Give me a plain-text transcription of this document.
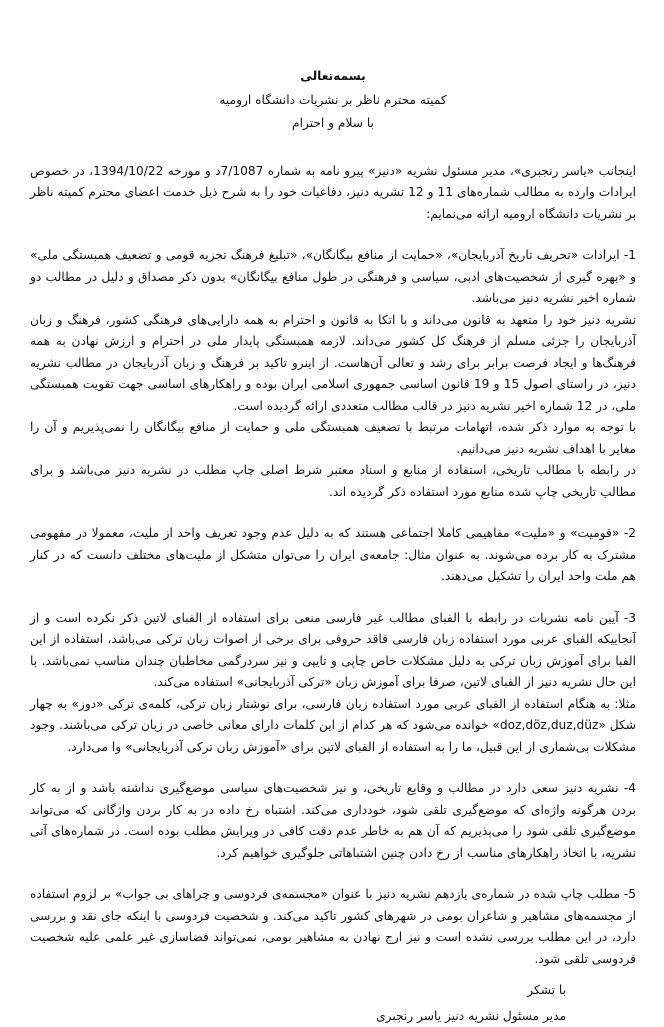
بسمه‌تعالی
کمیته محترم ناظر بر نشریات دانشگاه ارومیه
با سلام و احترام

اینجانب «یاسر رنجبری»، مدیر مسئول نشریه «دنیز» پیرو نامه به شماره 7/1087د و مورخه 1394/10/22، در خصوص ایرادات وارده به مطالب شماره‌های 11 و 12 نشریه دنیز، دفاعیات خود را به شرح ذیل خدمت اعضای محترم کمیته ناظر بر نشریات دانشگاه ارومیه ارائه می‌نمایم:

1- ایرادات «تحریف تاریخ آذربایجان»، «حمایت از منافع بیگانگان»، «تبلیغ فرهنگ تجزیه قومی و تضعیف همبستگی ملی» و «بهره گیری از شخصیت‌های ادبی، سیاسی و فرهنگی در طول منافع بیگانگان» بدون ذکر مصداق و دلیل در مطالب دو شماره اخیر نشریه دنیز می‌باشد.

نشریه دنیز خود را متعهد به قانون می‌داند و با اتکا به قانون و احترام به همه دارایی‌های فرهنگی کشور، فرهنگ و زبان آذربایجان را جزئی مسلم از فرهنگ کل کشور می‌داند. لازمه همبستگی پایدار ملی در احترام و ارزش نهادن به همه فرهنگ‌ها و ایجاد فرصت برابر برای رشد و تعالی آن‌هاست. از اینرو تاکید بر فرهنگ و زبان آذربایجان در مطالب نشریه دنیز، در راستای اصول 15 و 19 قانون اساسی جمهوری اسلامی ایران بوده و راهکارهای اساسی جهت تقویت همبستگی ملی، در 12 شماره اخیر نشریه دنیز در قالب مطالب متعددی ارائه گردیده است.

با توجه به موارد ذکر شده، اتهامات مرتبط با تضعیف همبستگی ملی و حمایت از منافع بیگانگان را نمی‌پذیریم و آن را مغایر با اهداف نشریه دنیز می‌دانیم.

در رابطه با مطالب تاریخی، استفاده از منابع و اسناد معتبر شرط اصلی چاپ مطلب در نشریه دنیز می‌باشد و برای مطالب تاریخی چاپ شده منابع مورد استفاده ذکر گردیده اند.

2- «قومیت» و «ملیت» مفاهیمی کاملا اجتماعی هستند که به دلیل عدم وجود تعریف واحد از ملیت، معمولا در مفهومی مشترک به کار برده می‌شوند. به عنوان مثال: جامعه‌ی ایران را می‌توان متشکل از ملیت‌های مختلف دانست که در کنار هم ملت واحد ایران را تشکیل می‌دهند.

3- آیین نامه نشریات در رابطه با الفبای مطالب غیر فارسی منعی برای استفاده از الفبای لاتین ذکر نکرده است و از آنجاییکه الفبای عربی مورد استفاده زبان فارسی فاقد حروفی برای برخی از اصوات زبان ترکی می‌باشد، استفاده از این الفبا برای آموزش زبان ترکی به دلیل مشکلات خاص چاپی و تایپی و نیز سردرگمی مخاطبان چندان مناسب نمی‌باشد. با این حال نشریه دنیز از الفبای لاتین، صرفا برای آموزش زبان «ترکی آذربایجانی» استفاده می‌کند.

مثلا: به هنگام استفاده از الفبای عربی مورد استفاده زبان فارسی، برای نوشتار زبان ترکی، کلمه‌ی ترکی «دوز» به چهار شکل «doz,döz,duz,düz» خوانده می‌شود که هر کدام از این کلمات دارای معانی خاصی در زبان ترکی می‌باشند. وجود مشکلات بی‌شماری از این قبیل، ما را به استفاده از الفبای لاتین برای «آموزش زبان ترکی آذربایجانی» وا می‌دارد.

4- نشریه دنیز سعی دارد در مطالب و وقایع تاریخی، و نیز شخصیت‌های سیاسی موضع‌گیری نداشته باشد و از به کار بردن هرگونه واژه‌ای که موضع‌گیری تلقی شود، خودداری می‌کند. اشتباه رخ داده در به کار بردن واژگانی که می‌تواند موضع‌گیری تلقی شود را می‌پذیریم که آن هم به خاطر عدم دقت کافی در ویرایش مطلب بوده است. در شماره‌های آتی نشریه، با اتخاذ راهکارهای مناسب از رخ دادن چنین اشتباهاتی جلوگیری خواهیم کرد.

5- مطلب چاپ شده در شماره‌ی یازدهم نشریه دنیز با عنوان «مجسمه‌ی فردوسی و چراهای بی جواب» بر لزوم استفاده از مجسمه‌های مشاهیر و شاعران بومی در شهرهای کشور تاکید می‌کند. و شخصیت فردوسی با اینکه جای نقد و بررسی دارد، در این مطلب بررسی نشده است و نیز ارج نهادن به مشاهیر بومی، نمی‌تواند فضاسازی غیر علمی علیه شخصیت فردوسی تلقی شود.

با تشکر
مدیر مسئول نشریه دنیز یاسر رنجبری
